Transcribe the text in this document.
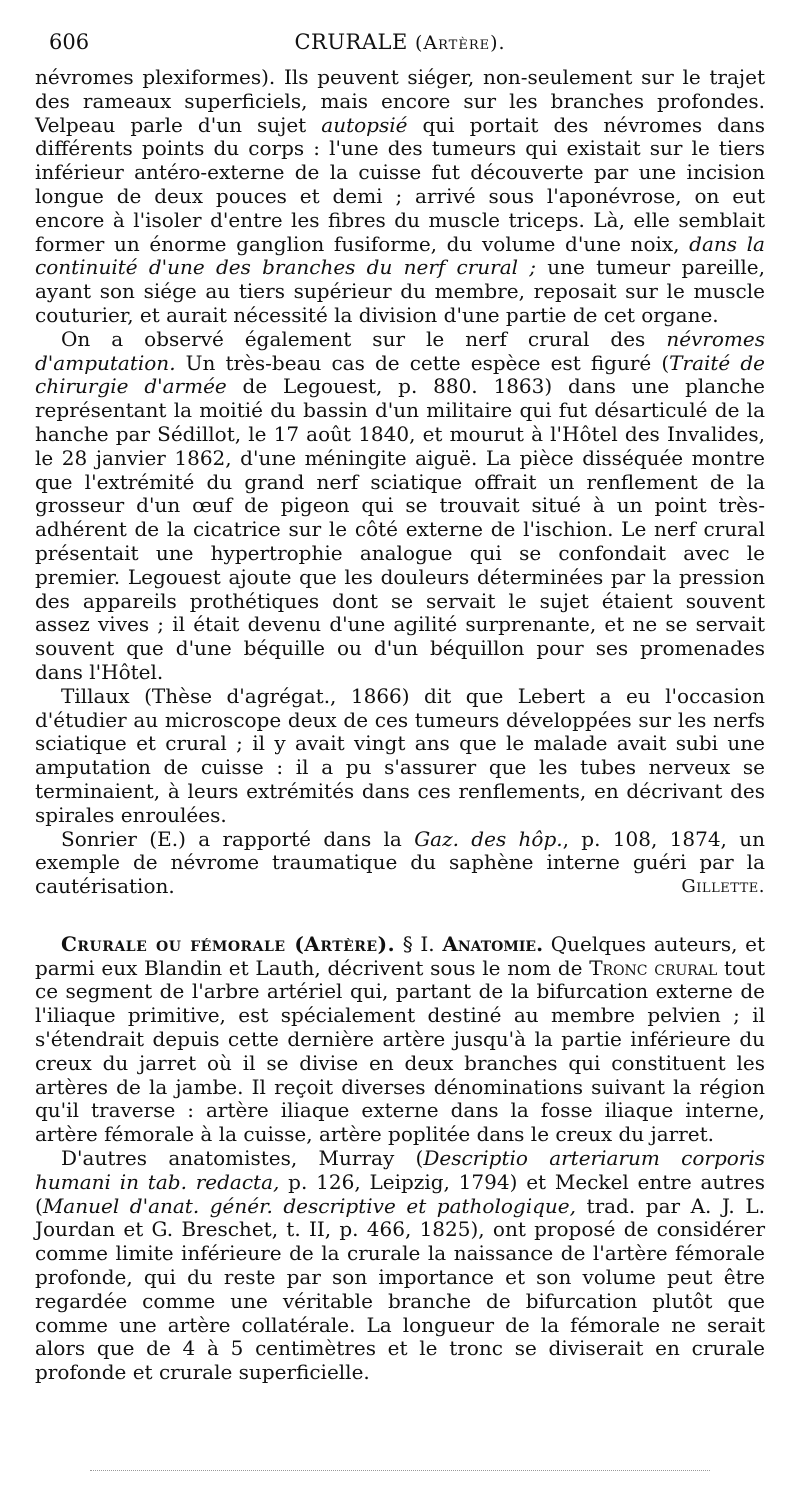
606	CRURALE (Artère).

névromes plexiformes). Ils peuvent siéger, non-seulement sur le trajet des rameaux superficiels, mais encore sur les branches profondes. Velpeau parle d'un sujet autopsié qui portait des névromes dans différents points du corps : l'une des tumeurs qui existait sur le tiers inférieur antéro-externe de la cuisse fut découverte par une incision longue de deux pouces et demi ; arrivé sous l'aponévrose, on eut encore à l'isoler d'entre les fibres du muscle triceps. Là, elle semblait former un énorme ganglion fusiforme, du volume d'une noix, dans la continuité d'une des branches du nerf crural ; une tumeur pareille, ayant son siége au tiers supérieur du membre, reposait sur le muscle couturier, et aurait nécessité la division d'une partie de cet organe.

On a observé également sur le nerf crural des névromes d'amputation. Un très-beau cas de cette espèce est figuré (Traité de chirurgie d'armée de Legouest, p. 880. 1863) dans une planche représentant la moitié du bassin d'un militaire qui fut désarticulé de la hanche par Sédillot, le 17 août 1840, et mourut à l'Hôtel des Invalides, le 28 janvier 1862, d'une méningite aiguë. La pièce disséquée montre que l'extrémité du grand nerf sciatique offrait un renflement de la grosseur d'un œuf de pigeon qui se trouvait situé à un point très-adhérent de la cicatrice sur le côté externe de l'ischion. Le nerf crural présentait une hypertrophie analogue qui se confondait avec le premier. Legouest ajoute que les douleurs déterminées par la pression des appareils prothétiques dont se servait le sujet étaient souvent assez vives ; il était devenu d'une agilité surprenante, et ne se servait souvent que d'une béquille ou d'un béquillon pour ses promenades dans l'Hôtel.

Tillaux (Thèse d'agrégat., 1866) dit que Lebert a eu l'occasion d'étudier au microscope deux de ces tumeurs développées sur les nerfs sciatique et crural ; il y avait vingt ans que le malade avait subi une amputation de cuisse : il a pu s'assurer que les tubes nerveux se terminaient, à leurs extrémités dans ces renflements, en décrivant des spirales enroulées.

Sonrier (E.) a rapporté dans la Gaz. des hôp., p. 108, 1874, un exemple de névrome traumatique du saphène interne guéri par la cautérisation.	Gillette.

Crurale ou fémorale (Artère). § I. Anatomie. Quelques auteurs, et parmi eux Blandin et Lauth, décrivent sous le nom de Tronc crural tout ce segment de l'arbre artériel qui, partant de la bifurcation externe de l'iliaque primitive, est spécialement destiné au membre pelvien ; il s'étendrait depuis cette dernière artère jusqu'à la partie inférieure du creux du jarret où il se divise en deux branches qui constituent les artères de la jambe. Il reçoit diverses dénominations suivant la région qu'il traverse : artère iliaque externe dans la fosse iliaque interne, artère fémorale à la cuisse, artère poplitée dans le creux du jarret.

D'autres anatomistes, Murray (Descriptio arteriarum corporis humani in tab. redacta, p. 126, Leipzig, 1794) et Meckel entre autres (Manuel d'anat. génér. descriptive et pathologique, trad. par A. J. L. Jourdan et G. Breschet, t. II, p. 466, 1825), ont proposé de considérer comme limite inférieure de la crurale la naissance de l'artère fémorale profonde, qui du reste par son importance et son volume peut être regardée comme une véritable branche de bifurcation plutôt que comme une artère collatérale. La longueur de la fémorale ne serait alors que de 4 à 5 centimètres et le tronc se diviserait en crurale profonde et crurale superficielle.
